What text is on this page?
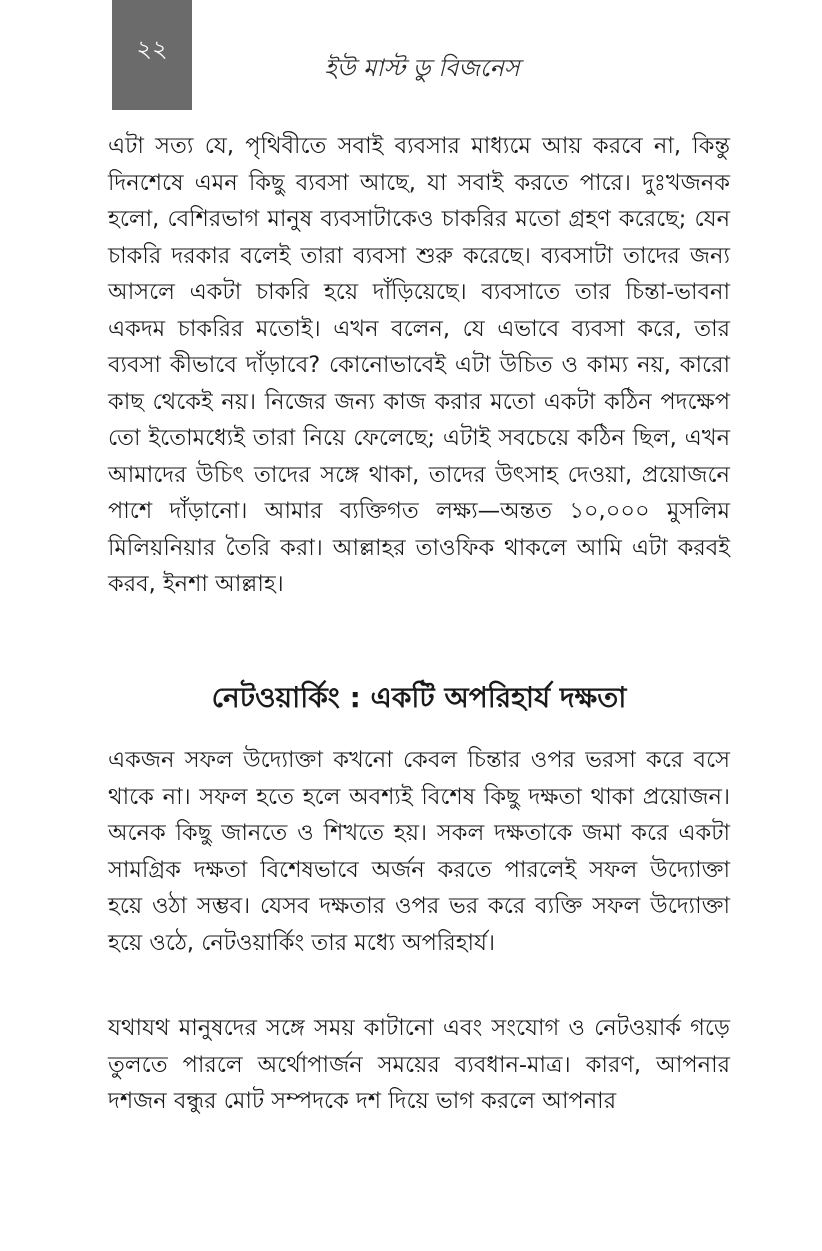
২২
ইউ মাস্ট ডু বিজনেস

এটা সত্য যে, পৃথিবীতে সবাই ব্যবসার মাধ্যমে আয় করবে না, কিন্তু দিনশেষে এমন কিছু ব্যবসা আছে, যা সবাই করতে পারে। দুঃখজনক হলো, বেশিরভাগ মানুষ ব্যবসাটাকেও চাকরির মতো গ্রহণ করেছে; যেন চাকরি দরকার বলেই তারা ব্যবসা শুরু করেছে। ব্যবসাটা তাদের জন্য আসলে একটা চাকরি হয়ে দাঁড়িয়েছে। ব্যবসাতে তার চিন্তা-ভাবনা একদম চাকরির মতোই। এখন বলেন, যে এভাবে ব্যবসা করে, তার ব্যবসা কীভাবে দাঁড়াবে? কোনোভাবেই এটা উচিত ও কাম্য নয়, কারো কাছ থেকেই নয়। নিজের জন্য কাজ করার মতো একটা কঠিন পদক্ষেপ তো ইতোমধ্যেই তারা নিয়ে ফেলেছে; এটাই সবচেয়ে কঠিন ছিল, এখন আমাদের উচিৎ তাদের সঙ্গে থাকা, তাদের উৎসাহ দেওয়া, প্রয়োজনে পাশে দাঁড়ানো। আমার ব্যক্তিগত লক্ষ্য—অন্তত ১০,০০০ মুসলিম মিলিয়নিয়ার তৈরি করা। আল্লাহর তাওফিক থাকলে আমি এটা করবই করব, ইনশা আল্লাহ।

নেটওয়ার্কিং : একটি অপরিহার্য দক্ষতা

একজন সফল উদ্যোক্তা কখনো কেবল চিন্তার ওপর ভরসা করে বসে থাকে না। সফল হতে হলে অবশ্যই বিশেষ কিছু দক্ষতা থাকা প্রয়োজন। অনেক কিছু জানতে ও শিখতে হয়। সকল দক্ষতাকে জমা করে একটা সামগ্রিক দক্ষতা বিশেষভাবে অর্জন করতে পারলেই সফল উদ্যোক্তা হয়ে ওঠা সম্ভব। যেসব দক্ষতার ওপর ভর করে ব্যক্তি সফল উদ্যোক্তা হয়ে ওঠে, নেটওয়ার্কিং তার মধ্যে অপরিহার্য।

যথাযথ মানুষদের সঙ্গে সময় কাটানো এবং সংযোগ ও নেটওয়ার্ক গড়ে তুলতে পারলে অর্থোপার্জন সময়ের ব্যবধান-মাত্র। কারণ, আপনার দশজন বন্ধুর মোট সম্পদকে দশ দিয়ে ভাগ করলে আপনার
